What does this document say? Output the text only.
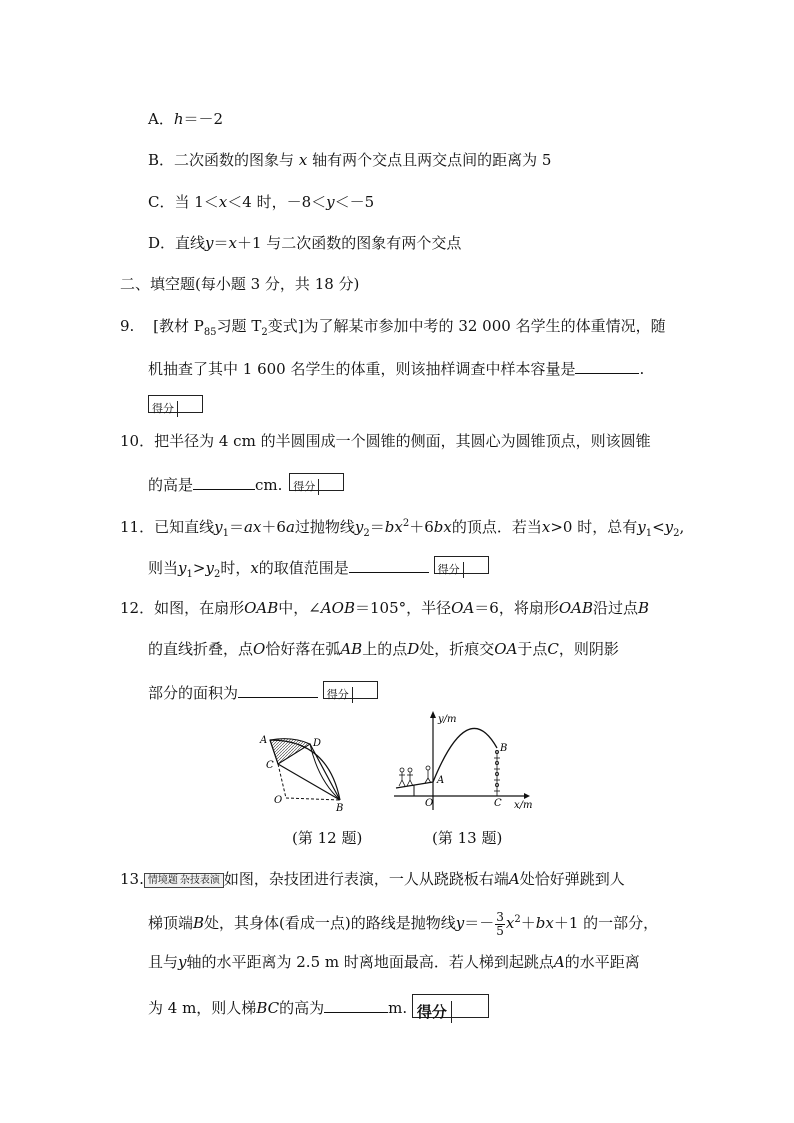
A．h＝－2
B．二次函数的图象与 x 轴有两个交点且两交点间的距离为 5
C．当 1＜x＜4 时，－8＜y＜－5
D．直线y＝x＋1 与二次函数的图象有两个交点
二、填空题(每小题 3 分，共 18 分)
9. [教材 $P_{85}$习题 $T_2$变式]为了解某市参加中考的 32 000 名学生的体重情况，随
机抽查了其中 1 600 名学生的体重，则该抽样调查中样本容量是	.
得分
10．把半径为 4 cm 的半圆围成一个圆锥的侧面，其圆心为圆锥顶点，则该圆锥
的高是	cm. 得分
11．已知直线$y_1=ax+6a$过抛物线$y_2=bx^2+6bx$的顶点．若当x>0 时，总有$y_1<y_2$,
则当$y_1>y_2$时，x的取值范围是	得分
12．如图，在扇形OAB中，∠AOB＝105°，半径OA＝6，将扇形OAB沿过点B
的直线折叠，点O恰好落在弧AB上的点D处，折痕交OA于点C，则阴影
部分的面积为	得分
A	D
C
O
B
(第 12 题)
y/m
x/m
A
B
O	C
(第 13 题)
13. 情境题 杂技表演 如图，杂技团进行表演，一人从跷跷板右端A处恰好弹跳到人
梯顶端B处，其身体(看成一点)的路线是抛物线$y=- \frac{3}{5} x^2+bx+1$ 的一部分，
且与y轴的水平距离为 2.5 m 时离地面最高．若人梯到起跳点A的水平距离
为 4 m，则人梯BC的高为	m. 得分
